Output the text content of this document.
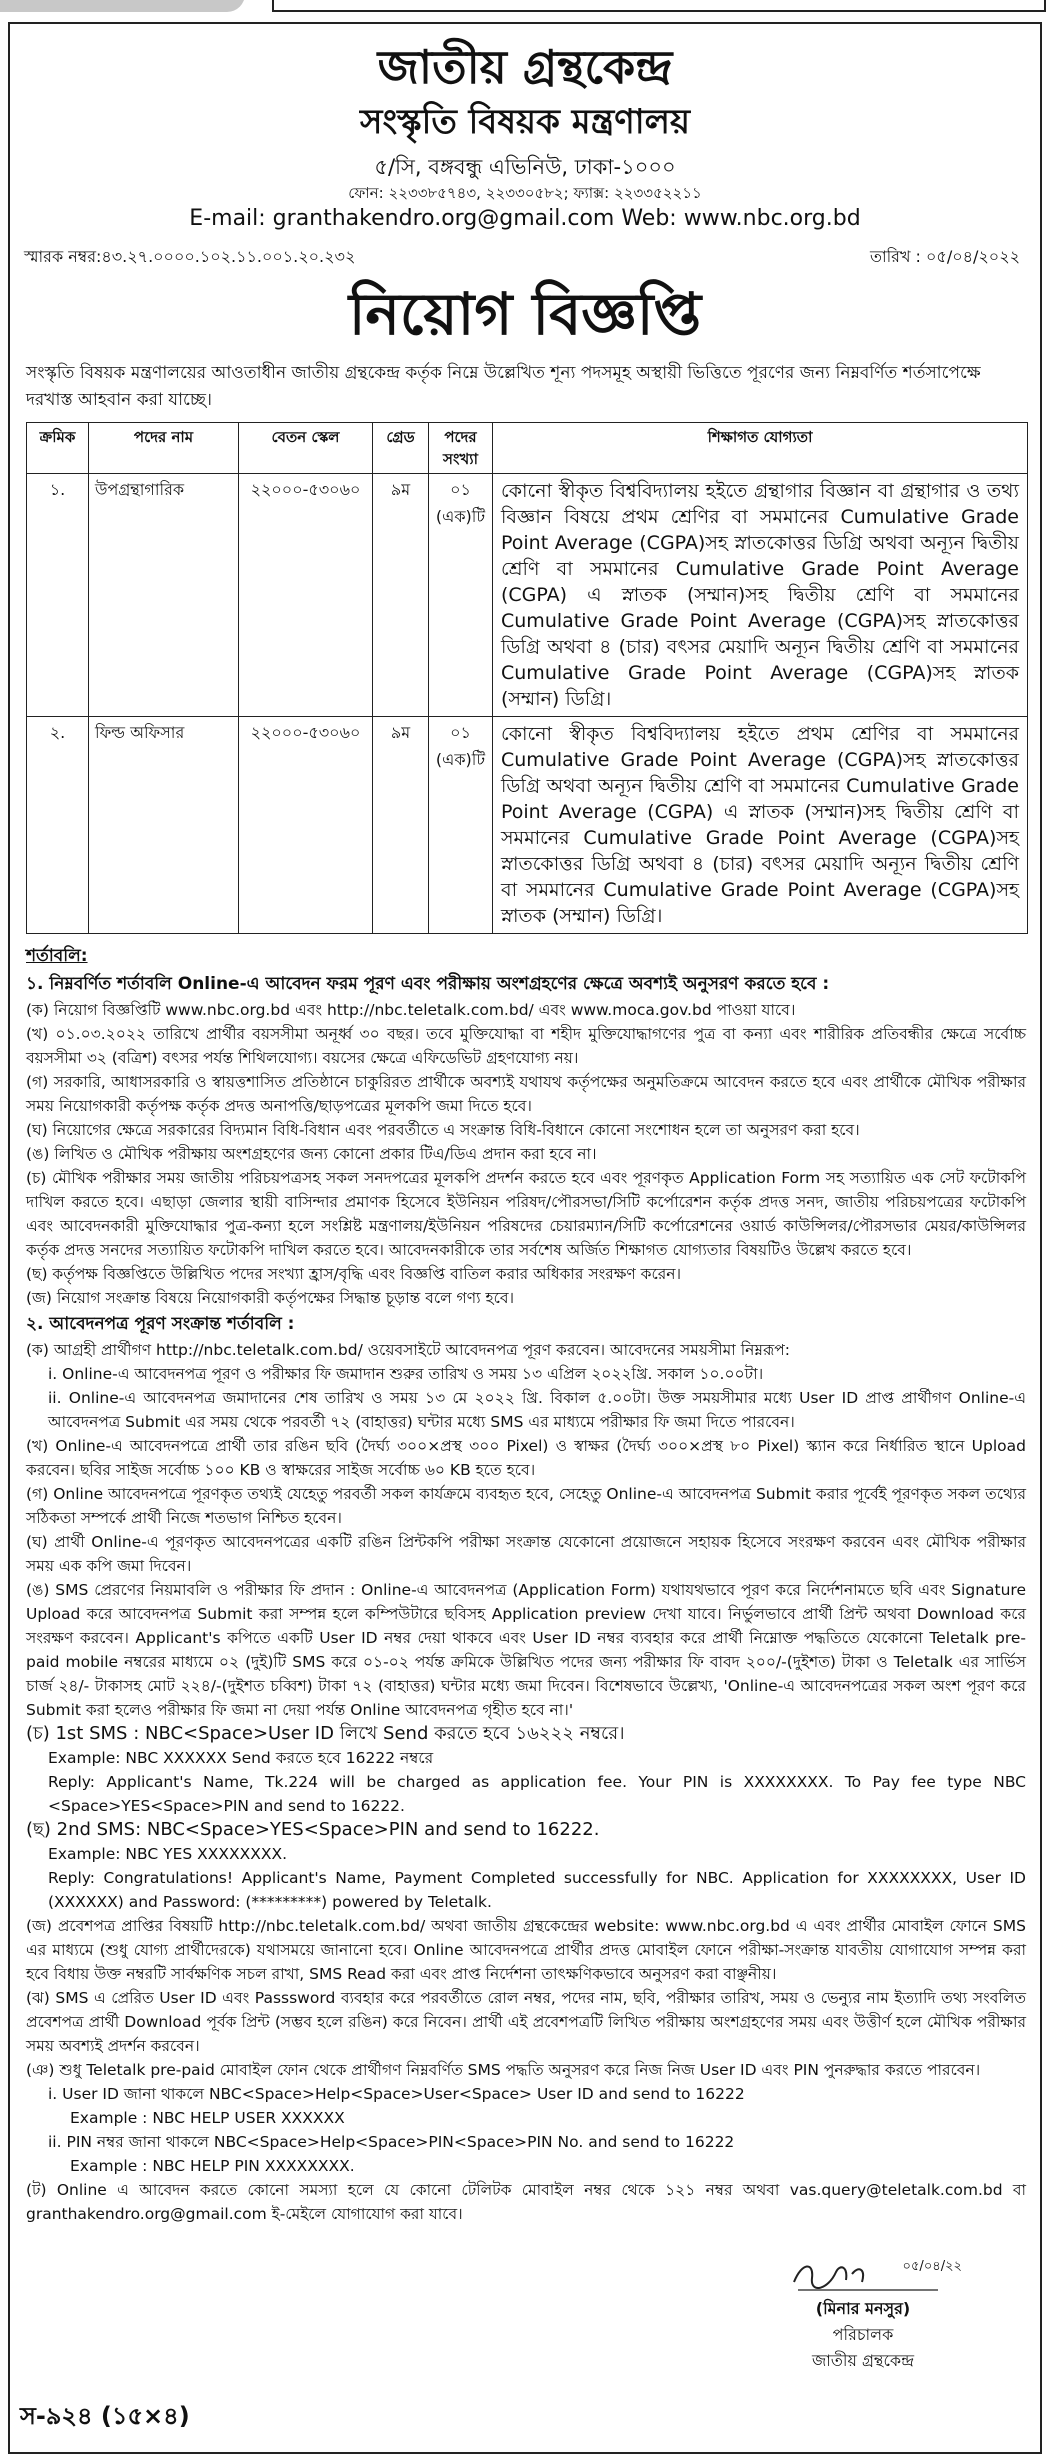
জাতীয় গ্রন্থকেন্দ্র
সংস্কৃতি বিষয়ক মন্ত্রণালয়
৫/সি, বঙ্গবন্ধু এভিনিউ, ঢাকা-১০০০
ফোন: ২২৩৩৮৫৭৪৩, ২২৩৩০৫৮২; ফ্যাক্স: ২২৩৩৫২২১১
E-mail: granthakendro.org@gmail.com Web: www.nbc.org.bd
স্মারক নম্বর:৪৩.২৭.০০০০.১০২.১১.০০১.২০.২৩২	তারিখ : ০৫/০৪/২০২২
নিয়োগ বিজ্ঞপ্তি
সংস্কৃতি বিষয়ক মন্ত্রণালয়ের আওতাধীন জাতীয় গ্রন্থকেন্দ্র কর্তৃক নিম্নে উল্লেখিত শূন্য পদসমূহ অস্থায়ী ভিত্তিতে পূরণের জন্য নিম্নবর্ণিত শর্তসাপেক্ষে দরখাস্ত আহবান করা যাচ্ছে।
ক্রমিক	পদের নাম	বেতন স্কেল	গ্রেড	পদের সংখ্যা	শিক্ষাগত যোগ্যতা
১.	উপগ্রন্থাগারিক	২২০০০-৫৩০৬০	৯ম	০১ (এক)টি	কোনো স্বীকৃত বিশ্ববিদ্যালয় হইতে গ্রন্থাগার বিজ্ঞান বা গ্রন্থাগার ও তথ্য বিজ্ঞান বিষয়ে প্রথম শ্রেণির বা সমমানের Cumulative Grade Point Average (CGPA)সহ স্নাতকোত্তর ডিগ্রি অথবা অন্যূন দ্বিতীয় শ্রেণি বা সমমানের Cumulative Grade Point Average (CGPA) এ স্নাতক (সম্মান)সহ দ্বিতীয় শ্রেণি বা সমমানের Cumulative Grade Point Average (CGPA)সহ স্নাতকোত্তর ডিগ্রি অথবা ৪ (চার) বৎসর মেয়াদি অন্যূন দ্বিতীয় শ্রেণি বা সমমানের Cumulative Grade Point Average (CGPA)সহ স্নাতক (সম্মান) ডিগ্রি।
২.	ফিল্ড অফিসার	২২০০০-৫৩০৬০	৯ম	০১ (এক)টি	কোনো স্বীকৃত বিশ্ববিদ্যালয় হইতে প্রথম শ্রেণির বা সমমানের Cumulative Grade Point Average (CGPA)সহ স্নাতকোত্তর ডিগ্রি অথবা অন্যূন দ্বিতীয় শ্রেণি বা সমমানের Cumulative Grade Point Average (CGPA) এ স্নাতক (সম্মান)সহ দ্বিতীয় শ্রেণি বা সমমানের Cumulative Grade Point Average (CGPA)সহ স্নাতকোত্তর ডিগ্রি অথবা ৪ (চার) বৎসর মেয়াদি অন্যূন দ্বিতীয় শ্রেণি বা সমমানের Cumulative Grade Point Average (CGPA)সহ স্নাতক (সম্মান) ডিগ্রি।
শর্তাবলি:
১. নিম্নবর্ণিত শর্তাবলি Online-এ আবেদন ফরম পূরণ এবং পরীক্ষায় অংশগ্রহণের ক্ষেত্রে অবশ্যই অনুসরণ করতে হবে :
(ক) নিয়োগ বিজ্ঞপ্তিটি www.nbc.org.bd এবং http://nbc.teletalk.com.bd/ এবং www.moca.gov.bd পাওয়া যাবে।
(খ) ০১.০৩.২০২২ তারিখে প্রার্থীর বয়সসীমা অনূর্ধ্ব ৩০ বছর। তবে মুক্তিযোদ্ধা বা শহীদ মুক্তিযোদ্ধাগণের পুত্র বা কন্যা এবং শারীরিক প্রতিবন্ধীর ক্ষেত্রে সর্বোচ্চ বয়সসীমা ৩২ (বত্রিশ) বৎসর পর্যন্ত শিথিলযোগ্য। বয়সের ক্ষেত্রে এফিডেভিট গ্রহণযোগ্য নয়।
(গ) সরকারি, আধাসরকারি ও স্বায়ত্তশাসিত প্রতিষ্ঠানে চাকুরিরত প্রার্থীকে অবশ্যই যথাযথ কর্তৃপক্ষের অনুমতিক্রমে আবেদন করতে হবে এবং প্রার্থীকে মৌখিক পরীক্ষার সময় নিয়োগকারী কর্তৃপক্ষ কর্তৃক প্রদত্ত অনাপত্তি/ছাড়পত্রের মূলকপি জমা দিতে হবে।
(ঘ) নিয়োগের ক্ষেত্রে সরকারের বিদ্যমান বিধি-বিধান এবং পরবর্তীতে এ সংক্রান্ত বিধি-বিধানে কোনো সংশোধন হলে তা অনুসরণ করা হবে।
(ঙ) লিখিত ও মৌখিক পরীক্ষায় অংশগ্রহণের জন্য কোনো প্রকার টিএ/ডিএ প্রদান করা হবে না।
(চ) মৌখিক পরীক্ষার সময় জাতীয় পরিচয়পত্রসহ সকল সনদপত্রের মূলকপি প্রদর্শন করতে হবে এবং পূরণকৃত Application Form সহ সত্যায়িত এক সেট ফটোকপি দাখিল করতে হবে। এছাড়া জেলার স্থায়ী বাসিন্দার প্রমাণক হিসেবে ইউনিয়ন পরিষদ/পৌরসভা/সিটি কর্পোরেশন কর্তৃক প্রদত্ত সনদ, জাতীয় পরিচয়পত্রের ফটোকপি এবং আবেদনকারী মুক্তিযোদ্ধার পুত্র-কন্যা হলে সংশ্লিষ্ট মন্ত্রণালয়/ইউনিয়ন পরিষদের চেয়ারম্যান/সিটি কর্পোরেশনের ওয়ার্ড কাউন্সিলর/পৌরসভার মেয়র/কাউন্সিলর কর্তৃক প্রদত্ত সনদের সত্যায়িত ফটোকপি দাখিল করতে হবে। আবেদনকারীকে তার সর্বশেষ অর্জিত শিক্ষাগত যোগ্যতার বিষয়টিও উল্লেখ করতে হবে।
(ছ) কর্তৃপক্ষ বিজ্ঞপ্তিতে উল্লিখিত পদের সংখ্যা হ্রাস/বৃদ্ধি এবং বিজ্ঞপ্তি বাতিল করার অধিকার সংরক্ষণ করেন।
(জ) নিয়োগ সংক্রান্ত বিষয়ে নিয়োগকারী কর্তৃপক্ষের সিদ্ধান্ত চূড়ান্ত বলে গণ্য হবে।
২. আবেদনপত্র পূরণ সংক্রান্ত শর্তাবলি :
(ক) আগ্রহী প্রার্থীগণ http://nbc.teletalk.com.bd/ ওয়েবসাইটে আবেদনপত্র পূরণ করবেন। আবেদনের সময়সীমা নিম্নরূপ:
i. Online-এ আবেদনপত্র পূরণ ও পরীক্ষার ফি জমাদান শুরুর তারিখ ও সময় ১৩ এপ্রিল ২০২২খ্রি. সকাল ১০.০০টা।
ii. Online-এ আবেদনপত্র জমাদানের শেষ তারিখ ও সময় ১৩ মে ২০২২ খ্রি. বিকাল ৫.০০টা। উক্ত সময়সীমার মধ্যে User ID প্রাপ্ত প্রার্থীগণ Online-এ আবেদনপত্র Submit এর সময় থেকে পরবর্তী ৭২ (বাহাত্তর) ঘন্টার মধ্যে SMS এর মাধ্যমে পরীক্ষার ফি জমা দিতে পারবেন।
(খ) Online-এ আবেদনপত্রে প্রার্থী তার রঙিন ছবি (দৈর্ঘ্য ৩০০×প্রস্থ ৩০০ Pixel) ও স্বাক্ষর (দৈর্ঘ্য ৩০০×প্রস্থ ৮০ Pixel) স্ক্যান করে নির্ধারিত স্থানে Upload করবেন। ছবির সাইজ সর্বোচ্চ ১০০ KB ও স্বাক্ষরের সাইজ সর্বোচ্চ ৬০ KB হতে হবে।
(গ) Online আবেদনপত্রে পূরণকৃত তথ্যই যেহেতু পরবর্তী সকল কার্যক্রমে ব্যবহৃত হবে, সেহেতু Online-এ আবেদনপত্র Submit করার পূর্বেই পূরণকৃত সকল তথ্যের সঠিকতা সম্পর্কে প্রার্থী নিজে শতভাগ নিশ্চিত হবেন।
(ঘ) প্রার্থী Online-এ পূরণকৃত আবেদনপত্রের একটি রঙিন প্রিন্টকপি পরীক্ষা সংক্রান্ত যেকোনো প্রয়োজনে সহায়ক হিসেবে সংরক্ষণ করবেন এবং মৌখিক পরীক্ষার সময় এক কপি জমা দিবেন।
(ঙ) SMS প্রেরণের নিয়মাবলি ও পরীক্ষার ফি প্রদান : Online-এ আবেদনপত্র (Application Form) যথাযথভাবে পূরণ করে নির্দেশনামতে ছবি এবং Signature Upload করে আবেদনপত্র Submit করা সম্পন্ন হলে কম্পিউটারে ছবিসহ Application preview দেখা যাবে। নির্ভুলভাবে প্রার্থী প্রিন্ট অথবা Download করে সংরক্ষণ করবেন। Applicant's কপিতে একটি User ID নম্বর দেয়া থাকবে এবং User ID নম্বর ব্যবহার করে প্রার্থী নিম্নোক্ত পদ্ধতিতে যেকোনো Teletalk pre-paid mobile নম্বরের মাধ্যমে ০২ (দুই)টি SMS করে ০১-০২ পর্যন্ত ক্রমিকে উল্লিখিত পদের জন্য পরীক্ষার ফি বাবদ ২০০/-(দুইশত) টাকা ও Teletalk এর সার্ভিস চার্জ ২৪/- টাকাসহ মোট ২২৪/-(দুইশত চব্বিশ) টাকা ৭২ (বাহাত্তর) ঘন্টার মধ্যে জমা দিবেন। বিশেষভাবে উল্লেখ্য, 'Online-এ আবেদনপত্রের সকল অংশ পূরণ করে Submit করা হলেও পরীক্ষার ফি জমা না দেয়া পর্যন্ত Online আবেদনপত্র গৃহীত হবে না।'
(চ) 1st SMS : NBC<Space>User ID লিখে Send করতে হবে ১৬২২২ নম্বরে।
Example: NBC XXXXXX Send করতে হবে 16222 নম্বরে
Reply: Applicant's Name, Tk.224 will be charged as application fee. Your PIN is XXXXXXXX. To Pay fee type NBC <Space>YES<Space>PIN and send to 16222.
(ছ) 2nd SMS: NBC<Space>YES<Space>PIN and send to 16222.
Example: NBC YES XXXXXXXX.
Reply: Congratulations! Applicant's Name, Payment Completed successfully for NBC. Application for XXXXXXXX, User ID (XXXXXX) and Password: (*********) powered by Teletalk.
(জ) প্রবেশপত্র প্রাপ্তির বিষয়টি http://nbc.teletalk.com.bd/ অথবা জাতীয় গ্রন্থকেন্দ্রের website: www.nbc.org.bd এ এবং প্রার্থীর মোবাইল ফোনে SMS এর মাধ্যমে (শুধু যোগ্য প্রার্থীদেরকে) যথাসময়ে জানানো হবে। Online আবেদনপত্রে প্রার্থীর প্রদত্ত মোবাইল ফোনে পরীক্ষা-সংক্রান্ত যাবতীয় যোগাযোগ সম্পন্ন করা হবে বিধায় উক্ত নম্বরটি সার্বক্ষণিক সচল রাখা, SMS Read করা এবং প্রাপ্ত নির্দেশনা তাৎক্ষণিকভাবে অনুসরণ করা বাঞ্ছনীয়।
(ঝ) SMS এ প্রেরিত User ID এবং Passsword ব্যবহার করে পরবর্তীতে রোল নম্বর, পদের নাম, ছবি, পরীক্ষার তারিখ, সময় ও ভেন্যুর নাম ইত্যাদি তথ্য সংবলিত প্রবেশপত্র প্রার্থী Download পূর্বক প্রিন্ট (সম্ভব হলে রঙিন) করে নিবেন। প্রার্থী এই প্রবেশপত্রটি লিখিত পরীক্ষায় অংশগ্রহণের সময় এবং উত্তীর্ণ হলে মৌখিক পরীক্ষার সময় অবশ্যই প্রদর্শন করবেন।
(ঞ) শুধু Teletalk pre-paid মোবাইল ফোন থেকে প্রার্থীগণ নিম্নবর্ণিত SMS পদ্ধতি অনুসরণ করে নিজ নিজ User ID এবং PIN পুনরুদ্ধার করতে পারবেন।
i. User ID জানা থাকলে NBC<Space>Help<Space>User<Space> User ID and send to 16222
Example : NBC HELP USER XXXXXX
ii. PIN নম্বর জানা থাকলে NBC<Space>Help<Space>PIN<Space>PIN No. and send to 16222
Example : NBC HELP PIN XXXXXXXX.
(ট) Online এ আবেদন করতে কোনো সমস্যা হলে যে কোনো টেলিটক মোবাইল নম্বর থেকে ১২১ নম্বর অথবা vas.query@teletalk.com.bd বা granthakendro.org@gmail.com ই-মেইলে যোগাযোগ করা যাবে।
০৫/০৪/২২
(মিনার মনসুর)
পরিচালক
জাতীয় গ্রন্থকেন্দ্র
স-৯২৪ (১৫×৪)
